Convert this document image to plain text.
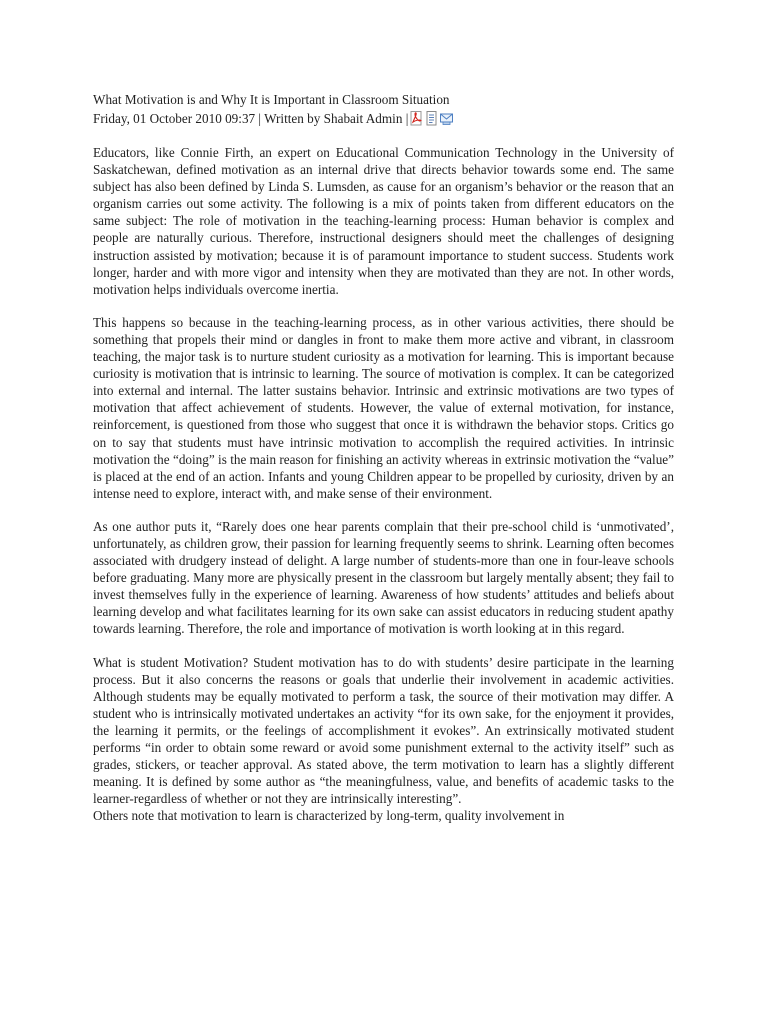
What Motivation is and Why It is Important in Classroom Situation

Friday, 01 October 2010 09:37 | Written by Shabait Admin |

Educators, like Connie Firth, an expert on Educational Communication Technology in the University of Saskatchewan, defined motivation as an internal drive that directs behavior towards some end. The same subject has also been defined by Linda S. Lumsden, as cause for an organism’s behavior or the reason that an organism carries out some activity. The following is a mix of points taken from different educators on the same subject: The role of motivation in the teaching-learning process: Human behavior is complex and people are naturally curious. Therefore, instructional designers should meet the challenges of designing instruction assisted by motivation; because it is of paramount importance to student success. Students work longer, harder and with more vigor and intensity when they are motivated than they are not. In other words, motivation helps individuals overcome inertia.

This happens so because in the teaching-learning process, as in other various activities, there should be something that propels their mind or dangles in front to make them more active and vibrant, in classroom teaching, the major task is to nurture student curiosity as a motivation for learning. This is important because curiosity is motivation that is intrinsic to learning. The source of motivation is complex. It can be categorized into external and internal. The latter sustains behavior. Intrinsic and extrinsic motivations are two types of motivation that affect achievement of students. However, the value of external motivation, for instance, reinforcement, is questioned from those who suggest that once it is withdrawn the behavior stops. Critics go on to say that students must have intrinsic motivation to accomplish the required activities. In intrinsic motivation the “doing” is the main reason for finishing an activity whereas in extrinsic motivation the “value” is placed at the end of an action. Infants and young Children appear to be propelled by curiosity, driven by an intense need to explore, interact with, and make sense of their environment.

As one author puts it, “Rarely does one hear parents complain that their pre-school child is ‘unmotivated’, unfortunately, as children grow, their passion for learning frequently seems to shrink. Learning often becomes associated with drudgery instead of delight. A large number of students-more than one in four-leave schools before graduating. Many more are physically present in the classroom but largely mentally absent; they fail to invest themselves fully in the experience of learning. Awareness of how students’ attitudes and beliefs about learning develop and what facilitates learning for its own sake can assist educators in reducing student apathy towards learning. Therefore, the role and importance of motivation is worth looking at in this regard.

What is student Motivation? Student motivation has to do with students’ desire participate in the learning process. But it also concerns the reasons or goals that underlie their involvement in academic activities. Although students may be equally motivated to perform a task, the source of their motivation may differ. A student who is intrinsically motivated undertakes an activity “for its own sake, for the enjoyment it provides, the learning it permits, or the feelings of accomplishment it evokes”. An extrinsically motivated student performs “in order to obtain some reward or avoid some punishment external to the activity itself” such as grades, stickers, or teacher approval. As stated above, the term motivation to learn has a slightly different meaning. It is defined by some author as “the meaningfulness, value, and benefits of academic tasks to the learner-regardless of whether or not they are intrinsically interesting”.

Others note that motivation to learn is characterized by long-term, quality involvement in
